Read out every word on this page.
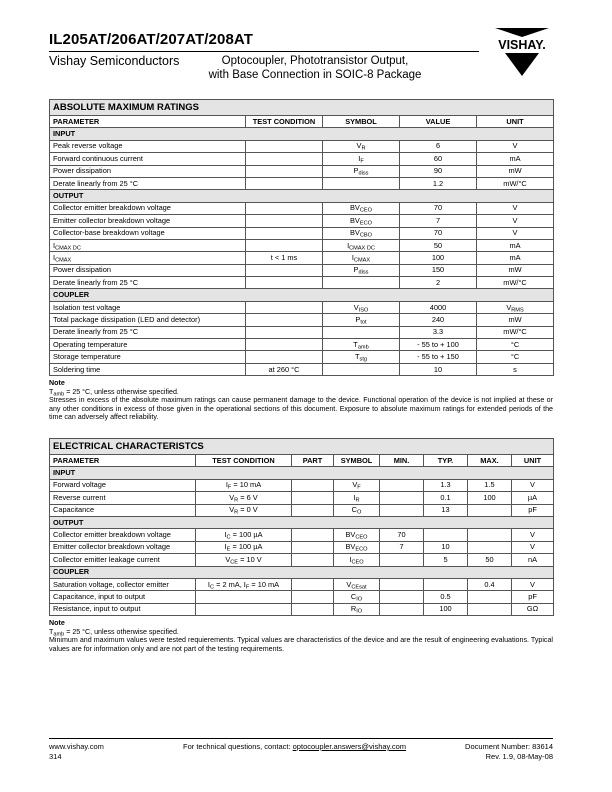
IL205AT/206AT/207AT/208AT
Vishay Semiconductors	Optocoupler, Phototransistor Output,
with Base Connection in SOIC-8 Package
VISHAY.
ABSOLUTE MAXIMUM RATINGS				
PARAMETER	TEST CONDITION	SYMBOL	VALUE	UNIT
INPUT				
Peak reverse voltage		$V_R$	6	V
Forward continuous current		$I_F$	60	mA
Power dissipation		$P_{diss}$	90	mW
Derate linearly from 25 °C			1.2	mW/°C
OUTPUT				
Collector emitter breakdown voltage		$BV_{CEO}$	70	V
Emitter collector breakdown voltage		$BV_{ECO}$	7	V
Collector-base breakdown voltage		$BV_{CBO}$	70	V
$I_{CMAX DC}$		$I_{CMAX DC}$	50	mA
$I_{CMAX}$	t < 1 ms	$I_{CMAX}$	100	mA
Power dissipation		$P_{diss}$	150	mW
Derate linearly from 25 °C			2	mW/°C
COUPLER				
Isolation test voltage		$V_{ISO}$	4000	$V_{RMS}$
Total package dissipation (LED and detector)		$P_{tot}$	240	mW
Derate linearly from 25 °C			3.3	mW/°C
Operating temperature		$T_{amb}$	- 55 to + 100	°C
Storage temperature		$T_{stg}$	- 55 to + 150	°C
Soldering time	at 260 °C		10	s
Note

$T_{amb} = 25$ °C, unless otherwise specified.

Stresses in excess of the absolute maximum ratings can cause permanent damage to the device. Functional operation of the device is not implied at these or any other conditions in excess of those given in the operational sections of this document. Exposure to absolute maximum ratings for extended periods of the time can adversely affect reliability.

ELECTRICAL CHARACTERISTCS							
PARAMETER	TEST CONDITION	PART	SYMBOL	MIN.	TYP.	MAX.	UNIT
INPUT							
Forward voltage	$I_F = 10$ mA		$V_F$		1.3	1.5	V
Reverse current	$V_R = 6$ V		$I_R$		0.1	100	µA
Capacitance	$V_R = 0$ V		$C_O$		13		pF
OUTPUT							
Collector emitter breakdown voltage	$I_C = 100$ µA		$BV_{CEO}$	70			V
Emitter collector breakdown voltage	$I_E = 100$ µA		$BV_{ECO}$	7	10		V
Collector emitter leakage current	$V_{CE} = 10$ V		$I_{CEO}$		5	50	nA
COUPLER							
Saturation voltage, collector emitter	$I_C = 2$ mA, $I_F = 10$ mA		$V_{CEsat}$			0.4	V
Capacitance, input to output			$C_{IO}$		0.5		pF
Resistance, input to output			$R_{IO}$		100		GΩ
Note

$T_{amb} = 25$ °C, unless otherwise specified.

Minimum and maximum values were tested requierements. Typical values are characteristics of the device and are the result of engineering evaluations. Typical values are for information only and are not part of the testing requirements.

www.vishay.com
314
For technical questions, contact: optocoupler.answers@vishay.com	Document Number: 83614
Rev. 1.9, 08-May-08
